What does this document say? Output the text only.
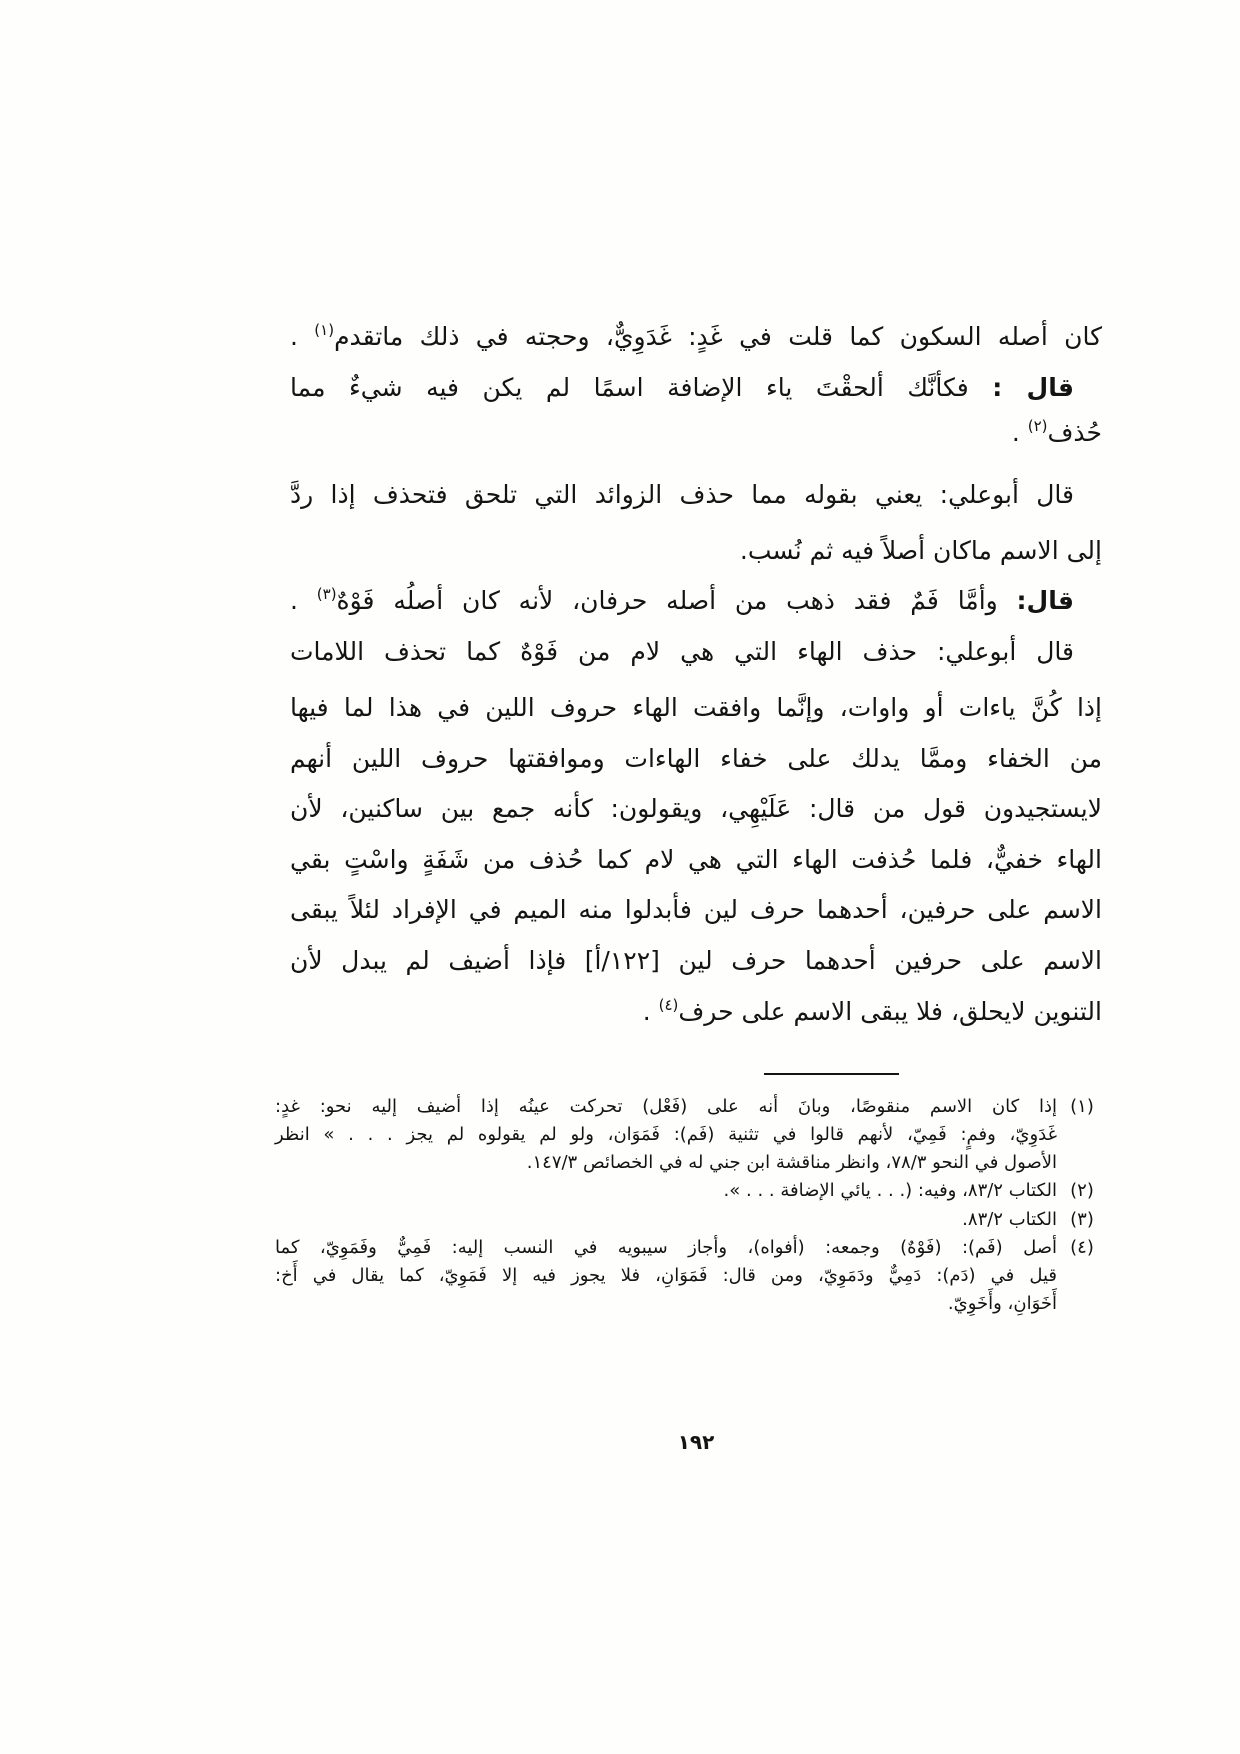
كان أصله السكون كما قلت في غَدٍ: غَدَوِيٌّ، وحجته في ذلك ماتقدم$^{(١)}$ .
قال : فكأنَّك ألحقْتَ ياء الإضافة اسمًا لم يكن فيه شيءٌ مما
حُذف$^{(٢)}$ .
قال أبوعلي: يعني بقوله مما حذف الزوائد التي تلحق فتحذف إذا ردَّ
إلى الاسم ماكان أصلاً فيه ثم نُسب.
قال: وأمَّا فَمٌ فقد ذهب من أصله حرفان، لأنه كان أصلُه فَوْهٌ$^{(٣)}$ .
قال أبوعلي: حذف الهاء التي هي لام من فَوْهٌ كما تحذف اللامات
إذا كُنَّ ياءات أو واوات، وإنَّما وافقت الهاء حروف اللين في هذا لما فيها
من الخفاء وممَّا يدلك على خفاء الهاءات وموافقتها حروف اللين أنهم
لايستجيدون قول من قال: عَلَيْهِي، ويقولون: كأنه جمع بين ساكنين، لأن
الهاء خفيٌّ، فلما حُذفت الهاء التي هي لام كما حُذف من شَفَةٍ واسْتٍ بقي
الاسم على حرفين، أحدهما حرف لين فأبدلوا منه الميم في الإفراد لئلاً يبقى
الاسم على حرفين أحدهما حرف لين [١٢٢/أ] فإذا أضيف لم يبدل لأن
التنوين لايحلق، فلا يبقى الاسم على حرف$^{(٤)}$ .
(١)
إذا كان الاسم منقوصًا، وبانَ أنه على (فَعْل) تحركت عينُه إذا أضيف إليه نحو: غدٍ:
غَدَوِيّ، وفمٍ: فَمِيّ، لأنهم قالوا في تثنية (فَم): فَمَوَان، ولو لم يقولوه لم يجز . . . » انظر
الأصول في النحو ٧٨/٣، وانظر مناقشة ابن جني له في الخصائص ١٤٧/٣.
(٢)
الكتاب ٨٣/٢، وفيه: (. . . يائي الإضافة . . . ».
(٣)
الكتاب ٨٣/٢.
(٤)
أصل (فَم): (فَوْهٌ) وجمعه: (أفواه)، وأجاز سيبويه في النسب إليه: فَمِيٌّ وفَمَوِيّ، كما
قيل في (دَم): دَمِيٌّ ودَمَوِيّ، ومن قال: فَمَوَانِ، فلا يجوز فيه إلا فَمَوِيّ، كما يقال في أَخ:
أَخَوَانِ، وأَخَوِيّ.
١٩٢
